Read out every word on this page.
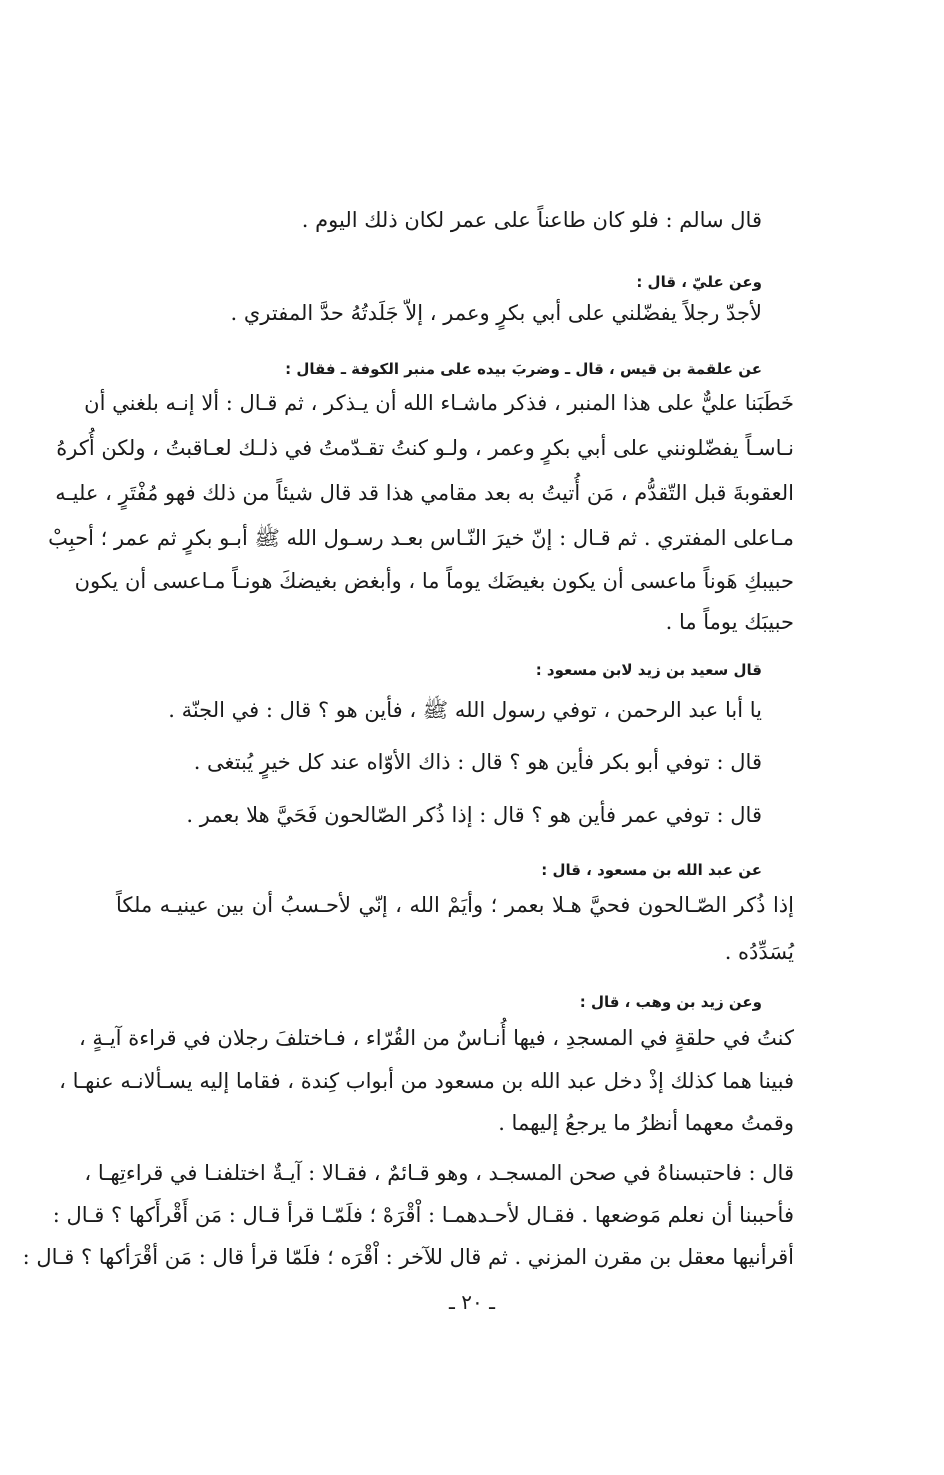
قال سالم : فلو كان طاعناً على عمر لكان ذلك اليوم .
وعن عليّ ، قال :
لأجدّ رجلاً يفضّلني على أبي بكرٍ وعمر ، إلاّ جَلَدتُهُ حدَّ المفتري .
عن علقمة بن قيس ، قال ـ وضربَ بيده على منبر الكوفة ـ فقال :
خَطَبَنا عليٌّ على هذا المنبر ، فذكر ماشـاء الله أن يـذكر ، ثم قـال : ألا إنـه بلغني أن
نـاسـاً يفضّلونني على أبي بكرٍ وعمر ، ولـو كنتُ تقـدّمتُ في ذلـك لعـاقبتُ ، ولكن أُكرهُ
العقوبةَ قبل التّقدُّم ، مَن أُتيتُ به بعد مقامي هذا قد قال شيئاً من ذلك فهو مُفْتَرٍ ، عليـه
مـاعلى المفتري . ثم قـال : إنّ خيرَ النّـاس بعـد رسـول الله ﷺ أبـو بكرٍ ثم عمر ؛ أحبِبْ
حبيبكِ هَوناً ماعسى أن يكون بغيضَك يوماً ما ، وأبغض بغيضكَ هونـاً مـاعسى أن يكون
حبيبَك يوماً ما .
قال سعيد بن زيد لابن مسعود :
يا أبا عبد الرحمن ، توفي رسول الله ﷺ ، فأين هو ؟ قال : في الجنّة .
قال : توفي أبو بكر فأين هو ؟ قال : ذاك الأوّاه عند كل خيرٍ يُبتغى .
قال : توفي عمر فأين هو ؟ قال : إذا ذُكر الصّالحون فَحَيَّ هلا بعمر .
عن عبد الله بن مسعود ، قال :
إذا ذُكر الصّـالحون فحيَّ هـلا بعمر ؛ وأيَمْ الله ، إنّي لأحـسبُ أن بين عينيـه ملكاً
يُسَدِّدُه .
وعن زيد بن وهب ، قال :
كنتُ في حلقةٍ في المسجدِ ، فيها أُنـاسٌ من القُرّاء ، فـاختلفَ رجلان في قراءة آيـةٍ ،
فبينا هما كذلك إذْ دخل عبد الله بن مسعود من أبواب كِندة ، فقاما إليه يسـألانـه عنهـا ،
وقمتُ معهما أنظرُ ما يرجعُ إليهما .
قال : فاحتبسناهُ في صحن المسجـد ، وهو قـائمٌ ، فقـالا : آيـةٌ اختلفنـا في قراءتِهـا ،
فأحببنا أن نعلم مَوضعها . فقـال لأحـدهمـا : اْقْرَهْ ؛ فلَمّـا قرأ قـال : مَن أَقْرأَكها ؟ قـال :
أقرأنيها معقل بن مقرن المزني . ثم قال للآخر : اْقْرَه ؛ فلَمّا قرأ قال : مَن أقْرَأكها ؟ قـال :
ـ ٢٠ ـ
